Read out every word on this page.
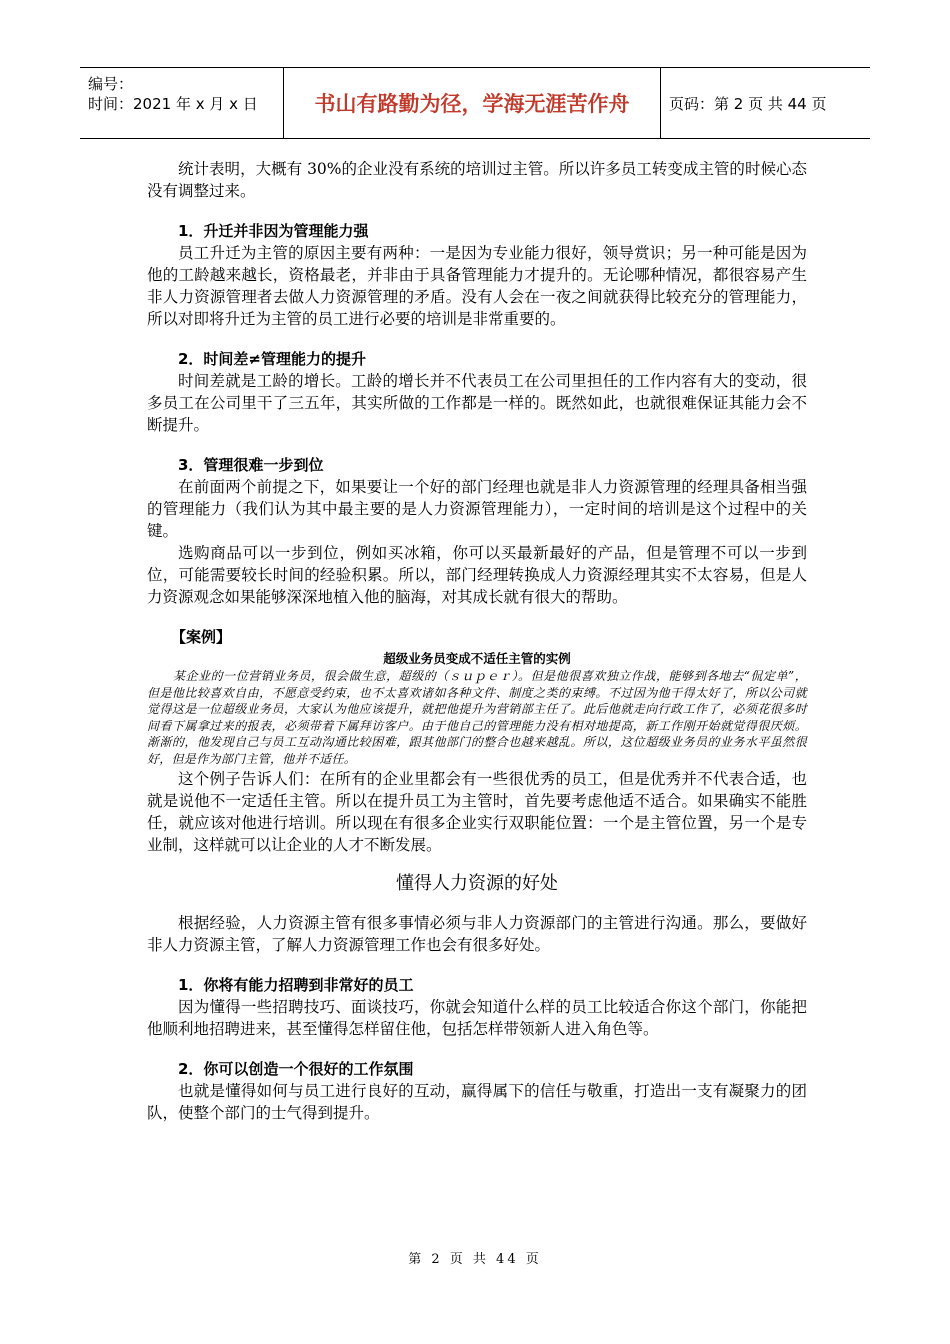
编号：
时间：2021 年 x 月 x 日	书山有路勤为径，学海无涯苦作舟	页码：第 2 页 共 44 页

统计表明，大概有 30%的企业没有系统的培训过主管。所以许多员工转变成主管的时候心态没有调整过来。

1．升迁并非因为管理能力强

员工升迁为主管的原因主要有两种：一是因为专业能力很好，领导赏识；另一种可能是因为他的工龄越来越长，资格最老，并非由于具备管理能力才提升的。无论哪种情况，都很容易产生非人力资源管理者去做人力资源管理的矛盾。没有人会在一夜之间就获得比较充分的管理能力，所以对即将升迁为主管的员工进行必要的培训是非常重要的。

2．时间差≠管理能力的提升

时间差就是工龄的增长。工龄的增长并不代表员工在公司里担任的工作内容有大的变动，很多员工在公司里干了三五年，其实所做的工作都是一样的。既然如此，也就很难保证其能力会不断提升。

3．管理很难一步到位

在前面两个前提之下，如果要让一个好的部门经理也就是非人力资源管理的经理具备相当强的管理能力（我们认为其中最主要的是人力资源管理能力），一定时间的培训是这个过程中的关键。

选购商品可以一步到位，例如买冰箱，你可以买最新最好的产品，但是管理不可以一步到位，可能需要较长时间的经验积累。所以，部门经理转换成人力资源经理其实不太容易，但是人力资源观念如果能够深深地植入他的脑海，对其成长就有很大的帮助。

【案例】
超级业务员变成不适任主管的实例

某企业的一位营销业务员，很会做生意，超级的（ｓｕｐｅｒ）。但是他很喜欢独立作战，能够到各地去“侃定单”，但是他比较喜欢自由，不愿意受约束，也不太喜欢诸如各种文件、制度之类的束缚。不过因为他干得太好了，所以公司就觉得这是一位超级业务员，大家认为他应该提升，就把他提升为营销部主任了。此后他就走向行政工作了，必须花很多时间看下属拿过来的报表，必须带着下属拜访客户。由于他自己的管理能力没有相对地提高，新工作刚开始就觉得很厌烦。渐渐的，他发现自己与员工互动沟通比较困难，跟其他部门的整合也越来越乱。所以，这位超级业务员的业务水平虽然很好，但是作为部门主管，他并不适任。

这个例子告诉人们：在所有的企业里都会有一些很优秀的员工，但是优秀并不代表合适，也就是说他不一定适任主管。所以在提升员工为主管时，首先要考虑他适不适合。如果确实不能胜任，就应该对他进行培训。所以现在有很多企业实行双职能位置：一个是主管位置，另一个是专业制，这样就可以让企业的人才不断发展。

懂得人力资源的好处

根据经验，人力资源主管有很多事情必须与非人力资源部门的主管进行沟通。那么，要做好非人力资源主管，了解人力资源管理工作也会有很多好处。

1．你将有能力招聘到非常好的员工

因为懂得一些招聘技巧、面谈技巧，你就会知道什么样的员工比较适合你这个部门，你能把他顺利地招聘进来，甚至懂得怎样留住他，包括怎样带领新人进入角色等。

2．你可以创造一个很好的工作氛围

也就是懂得如何与员工进行良好的互动，赢得属下的信任与敬重，打造出一支有凝聚力的团队，使整个部门的士气得到提升。

第 2 页 共 44 页
